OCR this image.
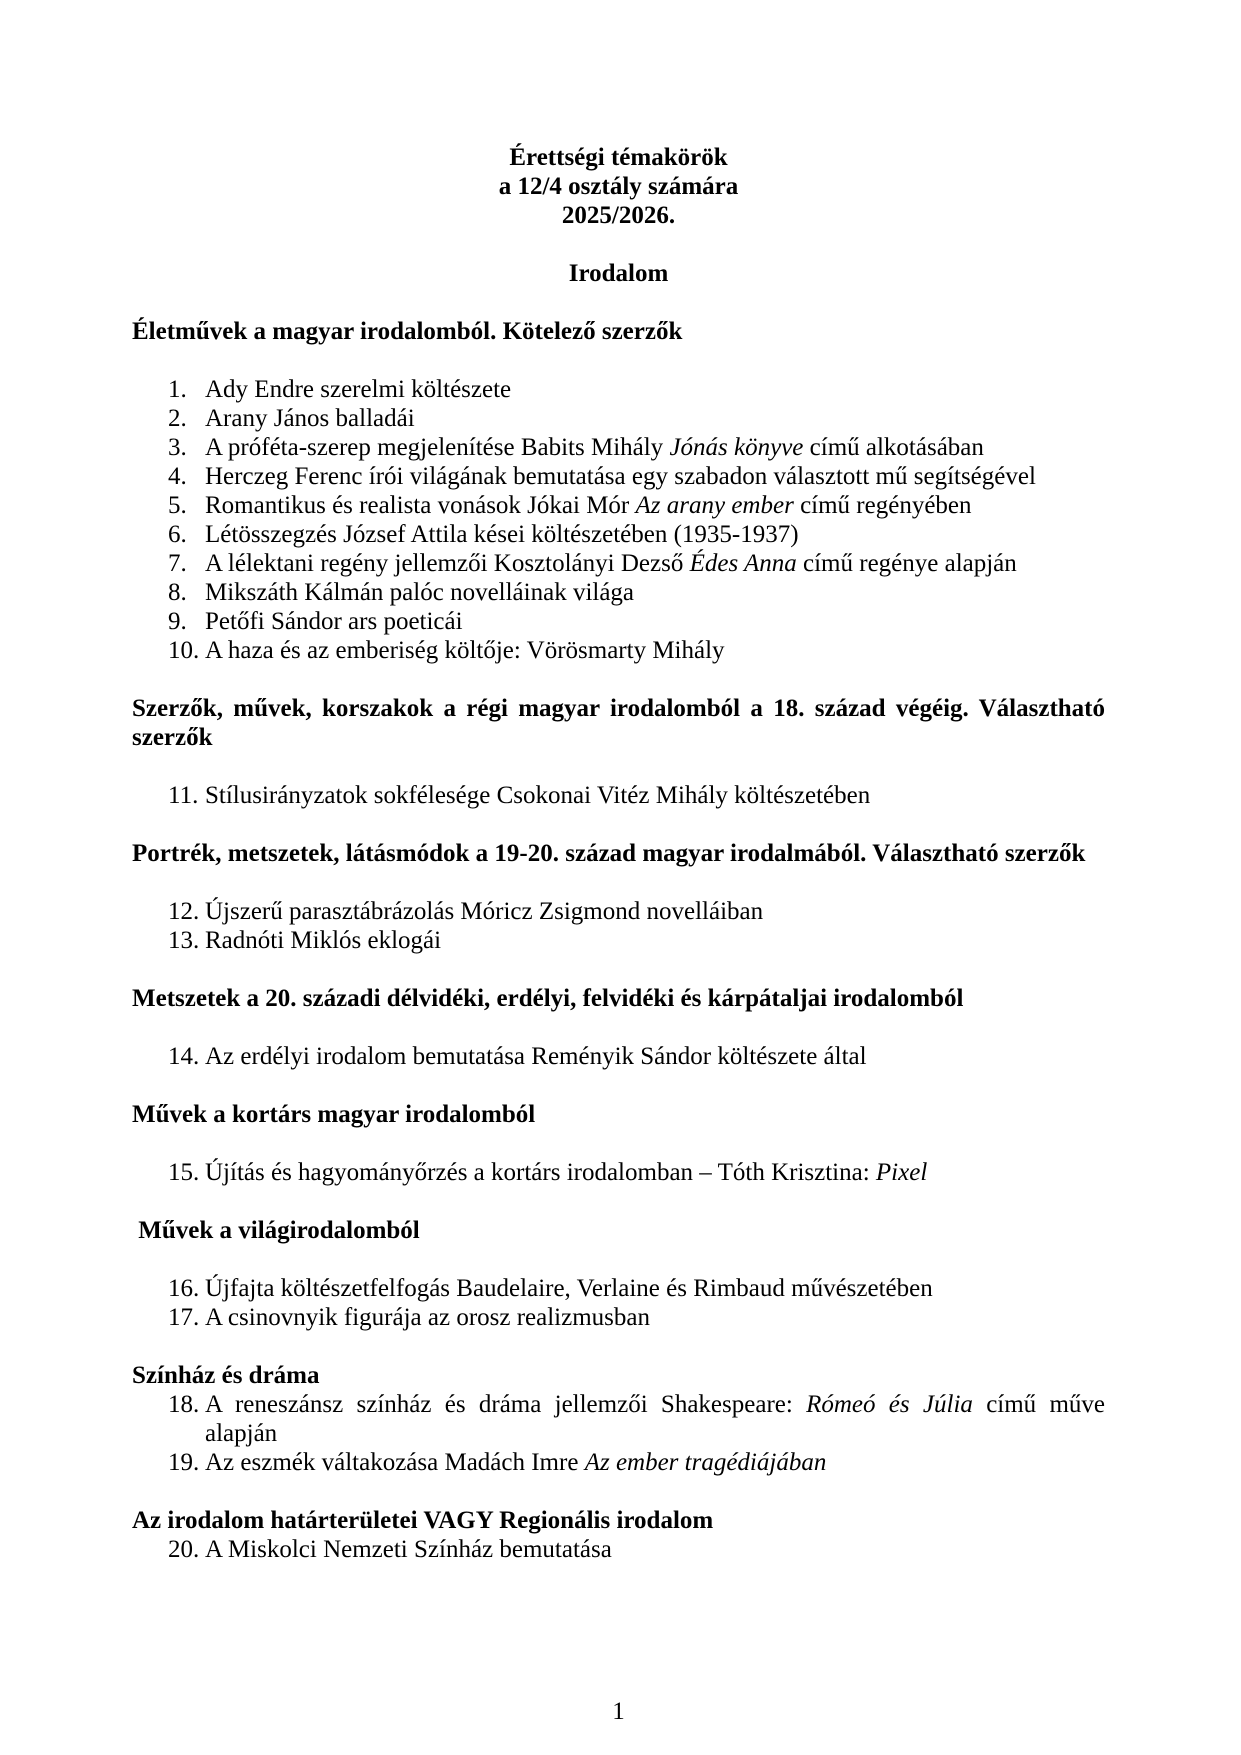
Érettségi témakörök
a 12/4 osztály számára
2025/2026.
Irodalom
Életművek a magyar irodalomból. Kötelező szerzők
1. Ady Endre szerelmi költészete
2. Arany János balladái
3. A próféta-szerep megjelenítése Babits Mihály Jónás könyve című alkotásában
4. Herczeg Ferenc írói világának bemutatása egy szabadon választott mű segítségével
5. Romantikus és realista vonások Jókai Mór Az arany ember című regényében
6. Létösszegzés József Attila kései költészetében (1935-1937)
7. A lélektani regény jellemzői Kosztolányi Dezső Édes Anna című regénye alapján
8. Mikszáth Kálmán palóc novelláinak világa
9. Petőfi Sándor ars poeticái
10. A haza és az emberiség költője: Vörösmarty Mihály
Szerzők, művek, korszakok a régi magyar irodalomból a 18. század végéig. Választható szerzők
11. Stílusirányzatok sokfélesége Csokonai Vitéz Mihály költészetében
Portrék, metszetek, látásmódok a 19-20. század magyar irodalmából. Választható szerzők
12. Újszerű parasztábrázolás Móricz Zsigmond novelláiban
13. Radnóti Miklós eklogái
Metszetek a 20. századi délvidéki, erdélyi, felvidéki és kárpátaljai irodalomból
14. Az erdélyi irodalom bemutatása Reményik Sándor költészete által
Művek a kortárs magyar irodalomból
15. Újítás és hagyományőrzés a kortárs irodalomban – Tóth Krisztina: Pixel
Művek a világirodalomból
16. Újfajta költészetfelfogás Baudelaire, Verlaine és Rimbaud művészetében
17. A csinovnyik figurája az orosz realizmusban
Színház és dráma
18. A reneszánsz színház és dráma jellemzői Shakespeare: Rómeó és Júlia című műve alapján
19. Az eszmék váltakozása Madách Imre Az ember tragédiájában
Az irodalom határterületei VAGY Regionális irodalom
20. A Miskolci Nemzeti Színház bemutatása
1
